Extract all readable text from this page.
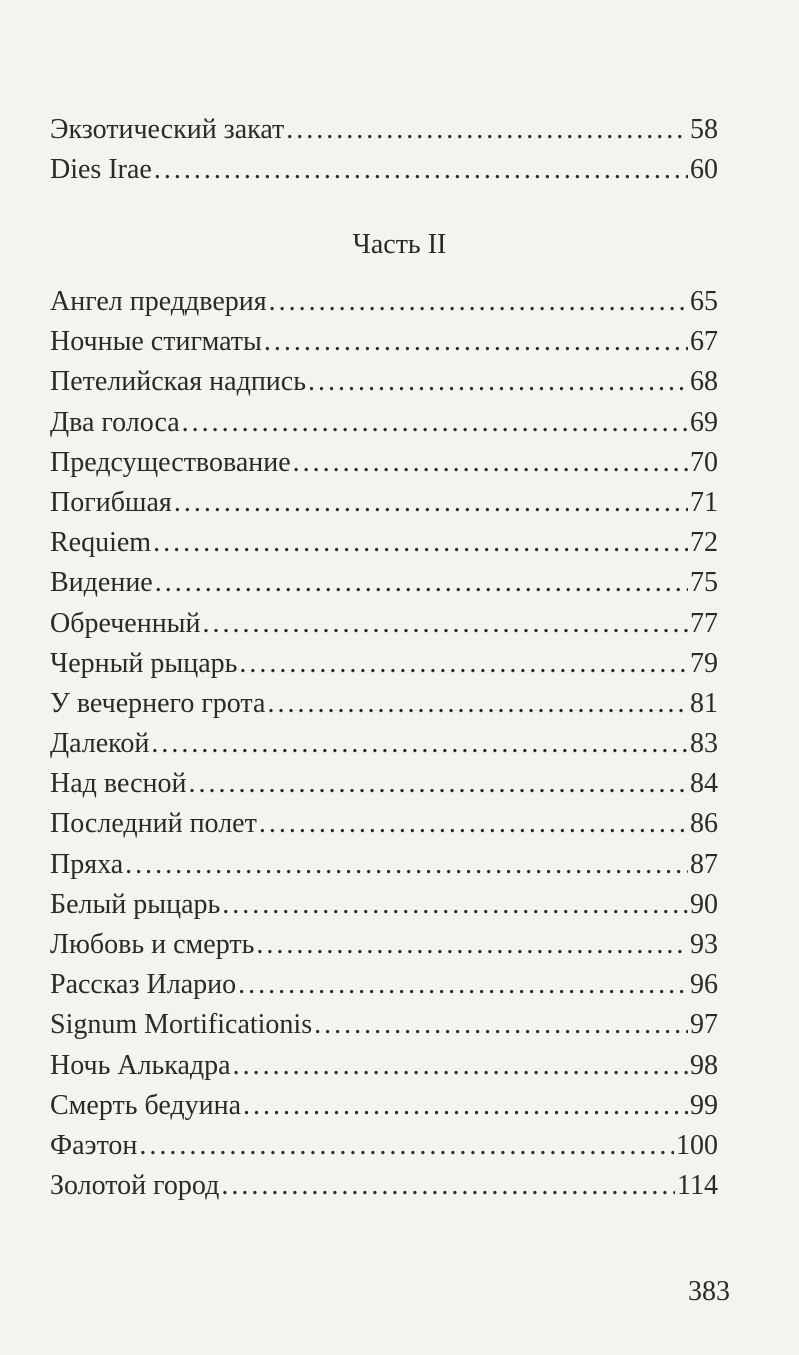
Экзотический закат .....	58
Dies Irae .....	60
Часть II
Ангел преддверия .....	65
Ночные стигматы .....	67
Петелийская надпись .....	68
Два голоса .....	69
Предсуществование .....	70
Погибшая .....	71
Requiem .....	72
Видение .....	75
Обреченный .....	77
Черный рыцарь .....	79
У вечернего грота .....	81
Далекой .....	83
Над весной .....	84
Последний полет .....	86
Пряха .....	87
Белый рыцарь .....	90
Любовь и смерть .....	93
Рассказ Иларио .....	96
Signum Mortificationis .....	97
Ночь Алькадра .....	98
Смерть бедуина .....	99
Фаэтон .....	100
Золотой город .....	114
383
